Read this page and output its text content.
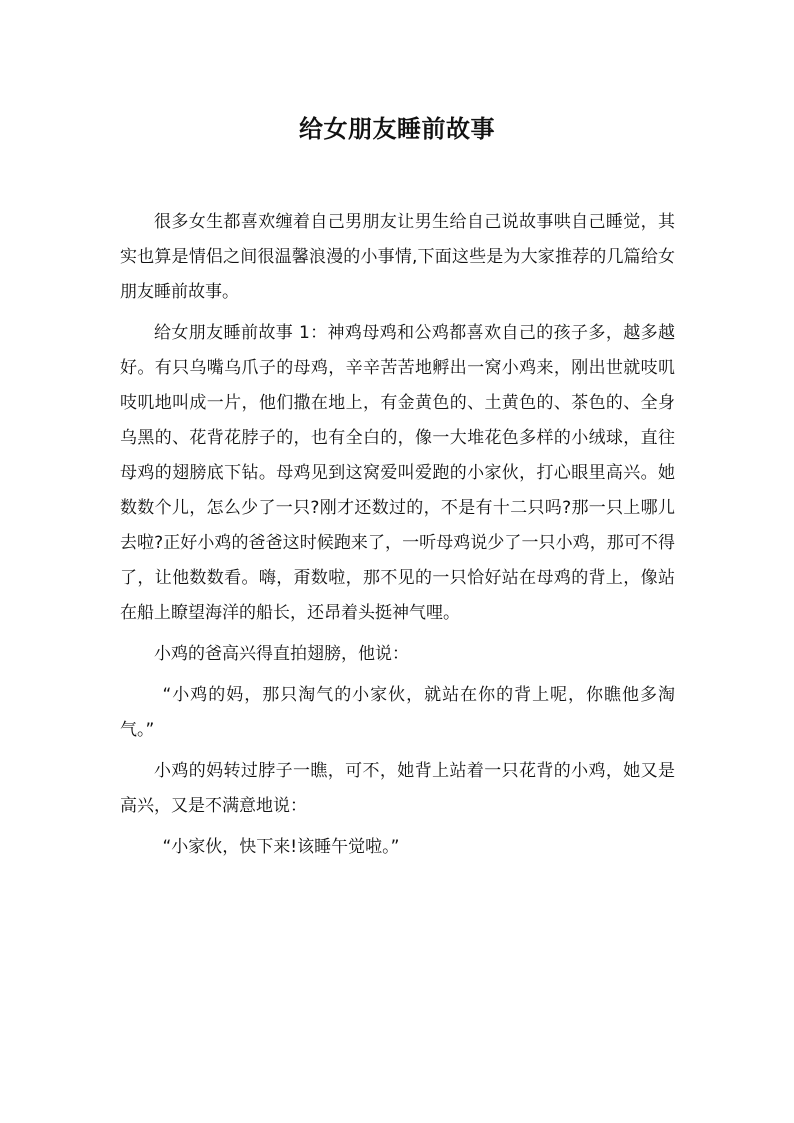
给女朋友睡前故事

很多女生都喜欢缠着自己男朋友让男生给自己说故事哄自己睡觉，其实也算是情侣之间很温馨浪漫的小事情,下面这些是为大家推荐的几篇给女朋友睡前故事。

给女朋友睡前故事 1：神鸡母鸡和公鸡都喜欢自己的孩子多，越多越好。有只乌嘴乌爪子的母鸡，辛辛苦苦地孵出一窝小鸡来，刚出世就吱叽吱叽地叫成一片，他们撒在地上，有金黄色的、土黄色的、茶色的、全身乌黑的、花背花脖子的，也有全白的，像一大堆花色多样的小绒球，直往母鸡的翅膀底下钻。母鸡见到这窝爱叫爱跑的小家伙，打心眼里高兴。她数数个儿，怎么少了一只?刚才还数过的，不是有十二只吗?那一只上哪儿去啦?正好小鸡的爸爸这时候跑来了，一听母鸡说少了一只小鸡，那可不得了，让他数数看。嗨，甭数啦，那不见的一只恰好站在母鸡的背上，像站在船上瞭望海洋的船长，还昂着头挺神气哩。

小鸡的爸高兴得直拍翅膀，他说：

“小鸡的妈，那只淘气的小家伙，就站在你的背上呢，你瞧他多淘气。”

小鸡的妈转过脖子一瞧，可不，她背上站着一只花背的小鸡，她又是高兴，又是不满意地说：

“小家伙，快下来!该睡午觉啦。”
